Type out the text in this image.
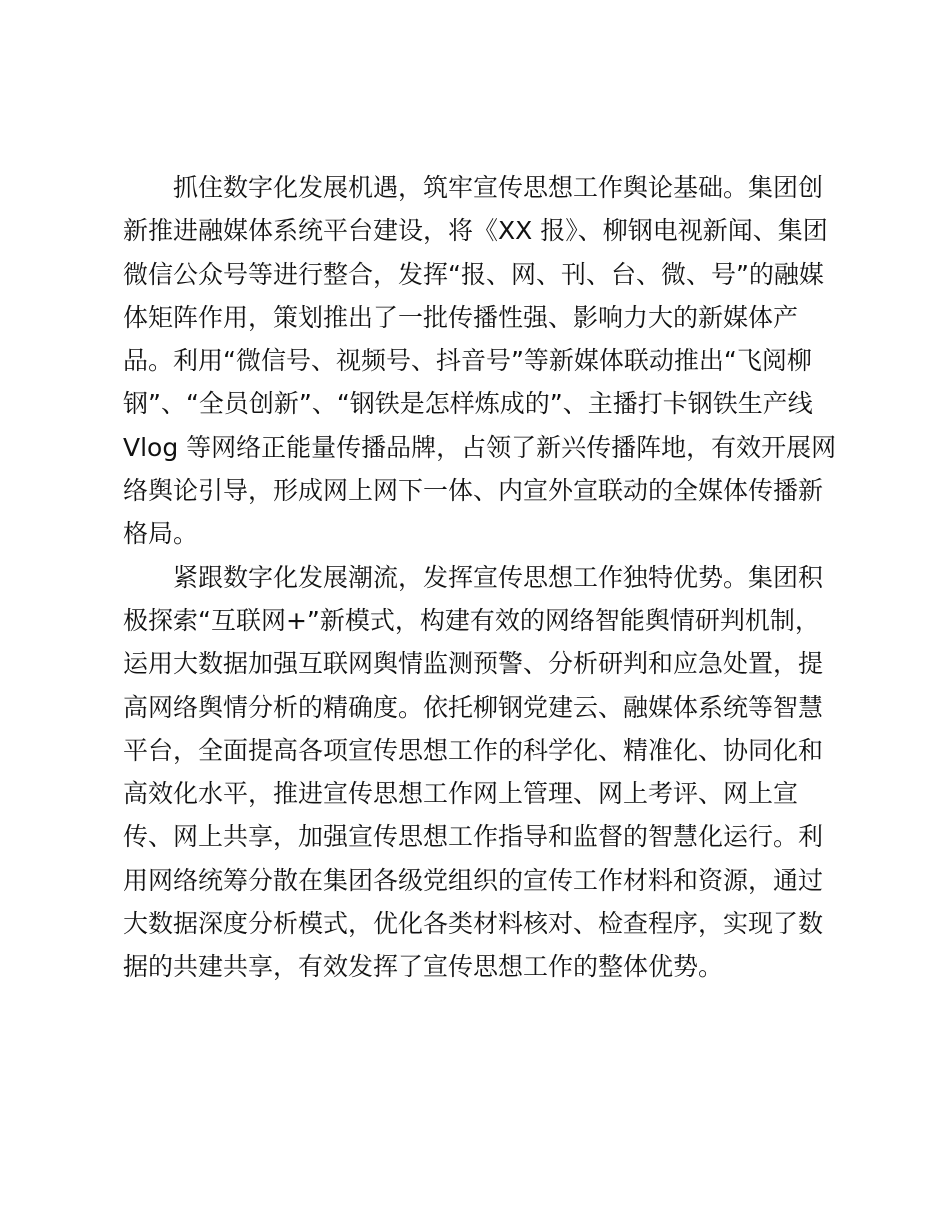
抓住数字化发展机遇，筑牢宣传思想工作舆论基础。集团创
新推进融媒体系统平台建设，将《XX 报》、柳钢电视新闻、集团
微信公众号等进行整合，发挥“报、网、刊、台、微、号”的融媒
体矩阵作用，策划推出了一批传播性强、影响力大的新媒体产
品。利用“微信号、视频号、抖音号”等新媒体联动推出“飞阅柳
钢”、“全员创新”、“钢铁是怎样炼成的”、主播打卡钢铁生产线
Vlog 等网络正能量传播品牌，占领了新兴传播阵地，有效开展网
络舆论引导，形成网上网下一体、内宣外宣联动的全媒体传播新
格局。
紧跟数字化发展潮流，发挥宣传思想工作独特优势。集团积
极探索“互联网+”新模式，构建有效的网络智能舆情研判机制，
运用大数据加强互联网舆情监测预警、分析研判和应急处置，提
高网络舆情分析的精确度。依托柳钢党建云、融媒体系统等智慧
平台，全面提高各项宣传思想工作的科学化、精准化、协同化和
高效化水平，推进宣传思想工作网上管理、网上考评、网上宣
传、网上共享，加强宣传思想工作指导和监督的智慧化运行。利
用网络统筹分散在集团各级党组织的宣传工作材料和资源，通过
大数据深度分析模式，优化各类材料核对、检查程序，实现了数
据的共建共享，有效发挥了宣传思想工作的整体优势。
